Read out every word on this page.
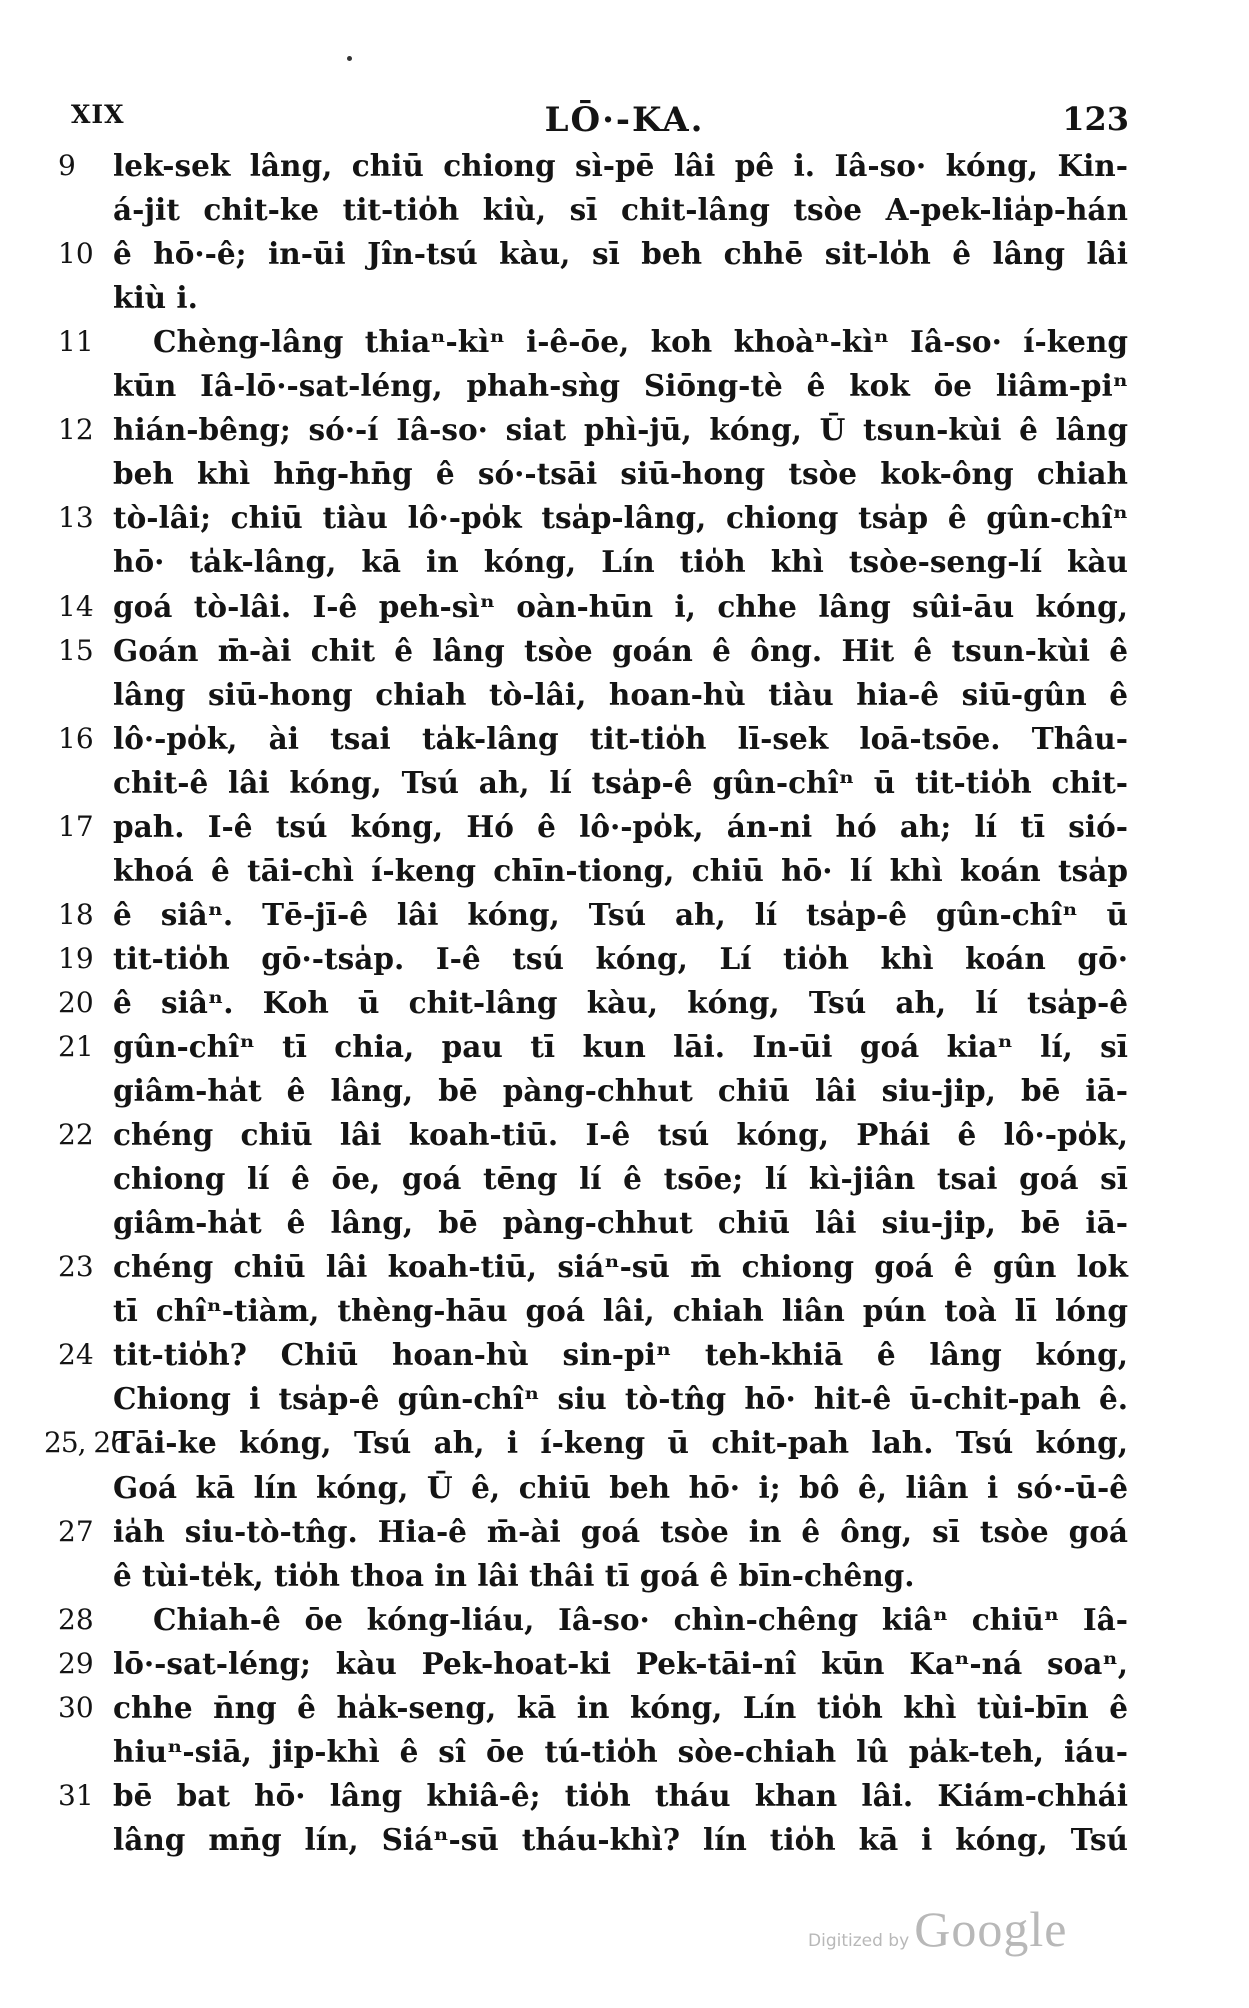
XIX	LŌ·-KA.	123
9 lek-sek lâng, chiū chiong sì-pē lâi pê i. Iâ-so· kóng, Kin-
á-jit chit-ke tit-tio̍h kiù, sī chit-lâng tsòe A-pek-lia̍p-hán
10 ê hō·-ê; in-ūi Jîn-tsú kàu, sī beh chhē sit-lo̍h ê lâng lâi
kiù i.
11 Chèng-lâng thiaⁿ-kìⁿ i-ê-ōe, koh khoàⁿ-kìⁿ Iâ-so· í-keng
kūn Iâ-lō·-sat-léng, phah-sǹg Siōng-tè ê kok ōe liâm-piⁿ
12 hián-bêng; só·-í Iâ-so· siat phì-jū, kóng, Ū tsun-kùi ê lâng
beh khì hn̄g-hn̄g ê só·-tsāi siū-hong tsòe kok-ông chiah
13 tò-lâi; chiū tiàu lô·-po̍k tsa̍p-lâng, chiong tsa̍p ê gûn-chîⁿ
hō· ta̍k-lâng, kā in kóng, Lín tio̍h khì tsòe-seng-lí kàu
14 goá tò-lâi. I-ê peh-sìⁿ oàn-hūn i, chhe lâng sûi-āu kóng,
15 Goán m̄-ài chit ê lâng tsòe goán ê ông. Hit ê tsun-kùi ê
lâng siū-hong chiah tò-lâi, hoan-hù tiàu hia-ê siū-gûn ê
16 lô·-po̍k, ài tsai ta̍k-lâng tit-tio̍h lī-sek loā-tsōe. Thâu-
chit-ê lâi kóng, Tsú ah, lí tsa̍p-ê gûn-chîⁿ ū tit-tio̍h chit-
17 pah. I-ê tsú kóng, Hó ê lô·-po̍k, án-ni hó ah; lí tī sió-
khoá ê tāi-chì í-keng chīn-tiong, chiū hō· lí khì koán tsa̍p
18 ê siâⁿ. Tē-jī-ê lâi kóng, Tsú ah, lí tsa̍p-ê gûn-chîⁿ ū
19 tit-tio̍h gō·-tsa̍p. I-ê tsú kóng, Lí tio̍h khì koán gō·
20 ê siâⁿ. Koh ū chit-lâng kàu, kóng, Tsú ah, lí tsa̍p-ê
21 gûn-chîⁿ tī chia, pau tī kun lāi. In-ūi goá kiaⁿ lí, sī
giâm-ha̍t ê lâng, bē pàng-chhut chiū lâi siu-jip, bē iā-
22 chéng chiū lâi koah-tiū. I-ê tsú kóng, Phái ê lô·-po̍k,
chiong lí ê ōe, goá tēng lí ê tsōe; lí kì-jiân tsai goá sī
giâm-ha̍t ê lâng, bē pàng-chhut chiū lâi siu-jip, bē iā-
23 chéng chiū lâi koah-tiū, siáⁿ-sū m̄ chiong goá ê gûn lok
tī chîⁿ-tiàm, thèng-hāu goá lâi, chiah liân pún toà lī lóng
24 tit-tio̍h? Chiū hoan-hù sin-piⁿ teh-khiā ê lâng kóng,
Chiong i tsa̍p-ê gûn-chîⁿ siu tò-tn̂g hō· hit-ê ū-chit-pah ê.
25, 26
Tāi-ke kóng, Tsú ah, i í-keng ū chit-pah lah. Tsú kóng,
Goá kā lín kóng, Ū ê, chiū beh hō· i; bô ê, liân i só·-ū-ê
27 ia̍h siu-tò-tn̂g. Hia-ê m̄-ài goá tsòe in ê ông, sī tsòe goá
ê tùi-te̍k, tio̍h thoa in lâi thâi tī goá ê bīn-chêng.
28 Chiah-ê ōe kóng-liáu, Iâ-so· chìn-chêng kiâⁿ chiūⁿ Iâ-
29 lō·-sat-léng; kàu Pek-hoat-ki Pek-tāi-nî kūn Kaⁿ-ná soaⁿ,
30 chhe n̄ng ê ha̍k-seng, kā in kóng, Lín tio̍h khì tùi-bīn ê
hiuⁿ-siā, jip-khì ê sî ōe tú-tio̍h sòe-chiah lû pa̍k-teh, iáu-
31 bē bat hō· lâng khiâ-ê; tio̍h tháu khan lâi. Kiám-chhái
lâng mn̄g lín, Siáⁿ-sū tháu-khì? lín tio̍h kā i kóng, Tsú
Digitized by Google
